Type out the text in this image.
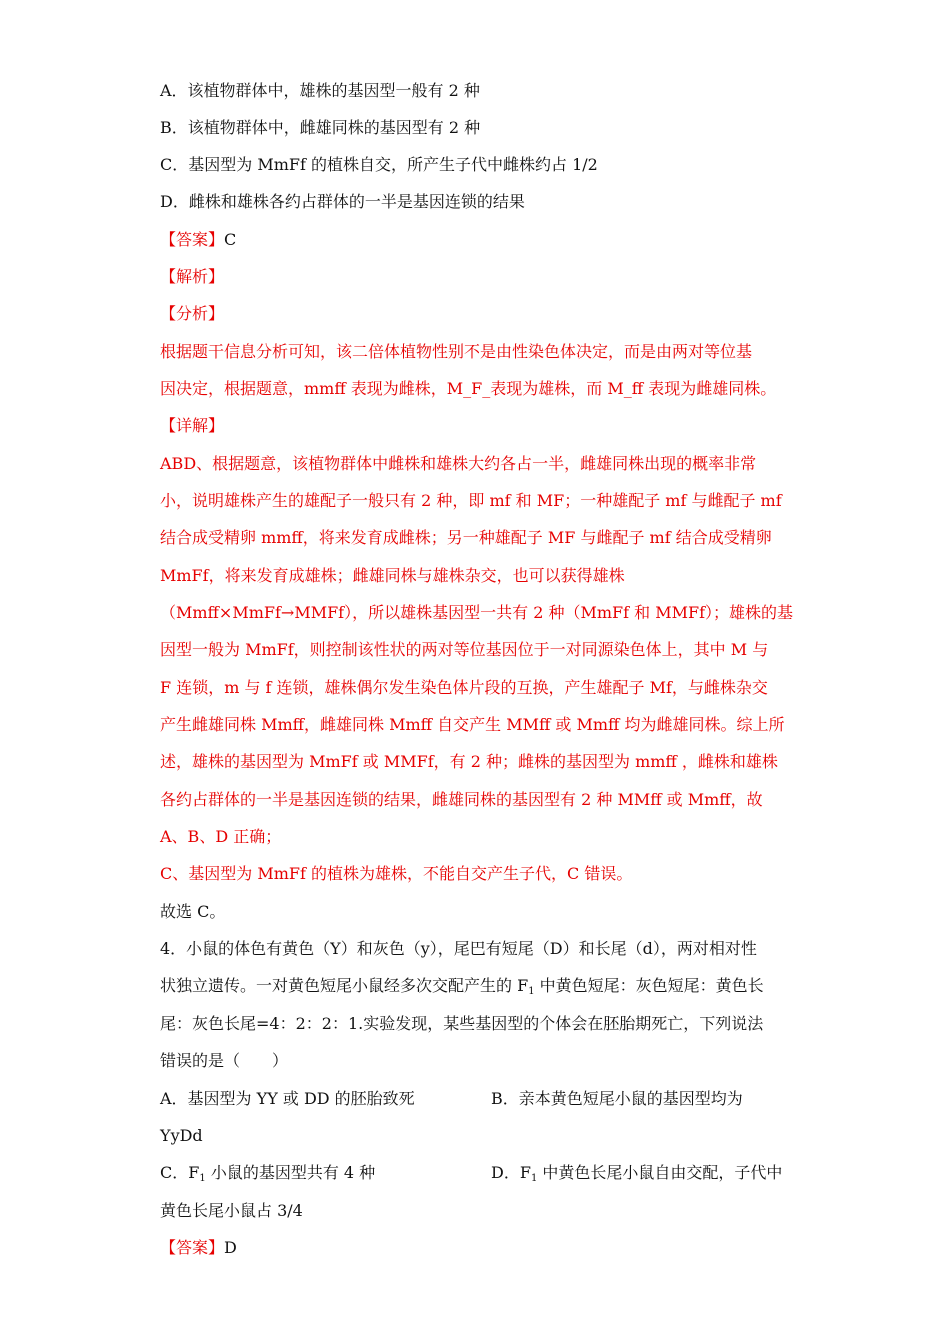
A．该植物群体中，雄株的基因型一般有 2 种
B．该植物群体中，雌雄同株的基因型有 2 种
C．基因型为 MmFf 的植株自交，所产生子代中雌株约占 1/2
D．雌株和雄株各约占群体的一半是基因连锁的结果
【答案】C
【解析】
【分析】
根据题干信息分析可知，该二倍体植物性别不是由性染色体决定，而是由两对等位基
因决定，根据题意，mmff 表现为雌株，M_F_表现为雄株，而 M_ff 表现为雌雄同株。
【详解】
ABD、根据题意，该植物群体中雌株和雄株大约各占一半，雌雄同株出现的概率非常
小，说明雄株产生的雄配子一般只有 2 种，即 mf 和 MF；一种雄配子 mf 与雌配子 mf
结合成受精卵 mmff，将来发育成雌株；另一种雄配子 MF 与雌配子 mf 结合成受精卵
MmFf，将来发育成雄株；雌雄同株与雄株杂交，也可以获得雄株
（Mmff×MmFf→MMFf），所以雄株基因型一共有 2 种（MmFf 和 MMFf）；雄株的基
因型一般为 MmFf，则控制该性状的两对等位基因位于一对同源染色体上，其中 M 与
F 连锁，m 与 f 连锁，雄株偶尔发生染色体片段的互换，产生雄配子 Mf，与雌株杂交
产生雌雄同株 Mmff，雌雄同株 Mmff 自交产生 MMff 或 Mmff 均为雌雄同株。综上所
述，雄株的基因型为 MmFf 或 MMFf，有 2 种；雌株的基因型为 mmff ，雌株和雄株
各约占群体的一半是基因连锁的结果，雌雄同株的基因型有 2 种 MMff 或 Mmff，故
A、B、D 正确；
C、基因型为 MmFf 的植株为雄株，不能自交产生子代，C 错误。
故选 C。
4．小鼠的体色有黄色（Y）和灰色（y），尾巴有短尾（D）和长尾（d），两对相对性
状独立遗传。一对黄色短尾小鼠经多次交配产生的 $F_1$ 中黄色短尾：灰色短尾：黄色长
尾：灰色长尾=4：2：2：1.实验发现，某些基因型的个体会在胚胎期死亡，下列说法
错误的是（　　）
A．基因型为 YY 或 DD 的胚胎致死	B．亲本黄色短尾小鼠的基因型均为
YyDd
C．$F_1$ 小鼠的基因型共有 4 种	D．$F_1$ 中黄色长尾小鼠自由交配，子代中
黄色长尾小鼠占 3/4
【答案】D
